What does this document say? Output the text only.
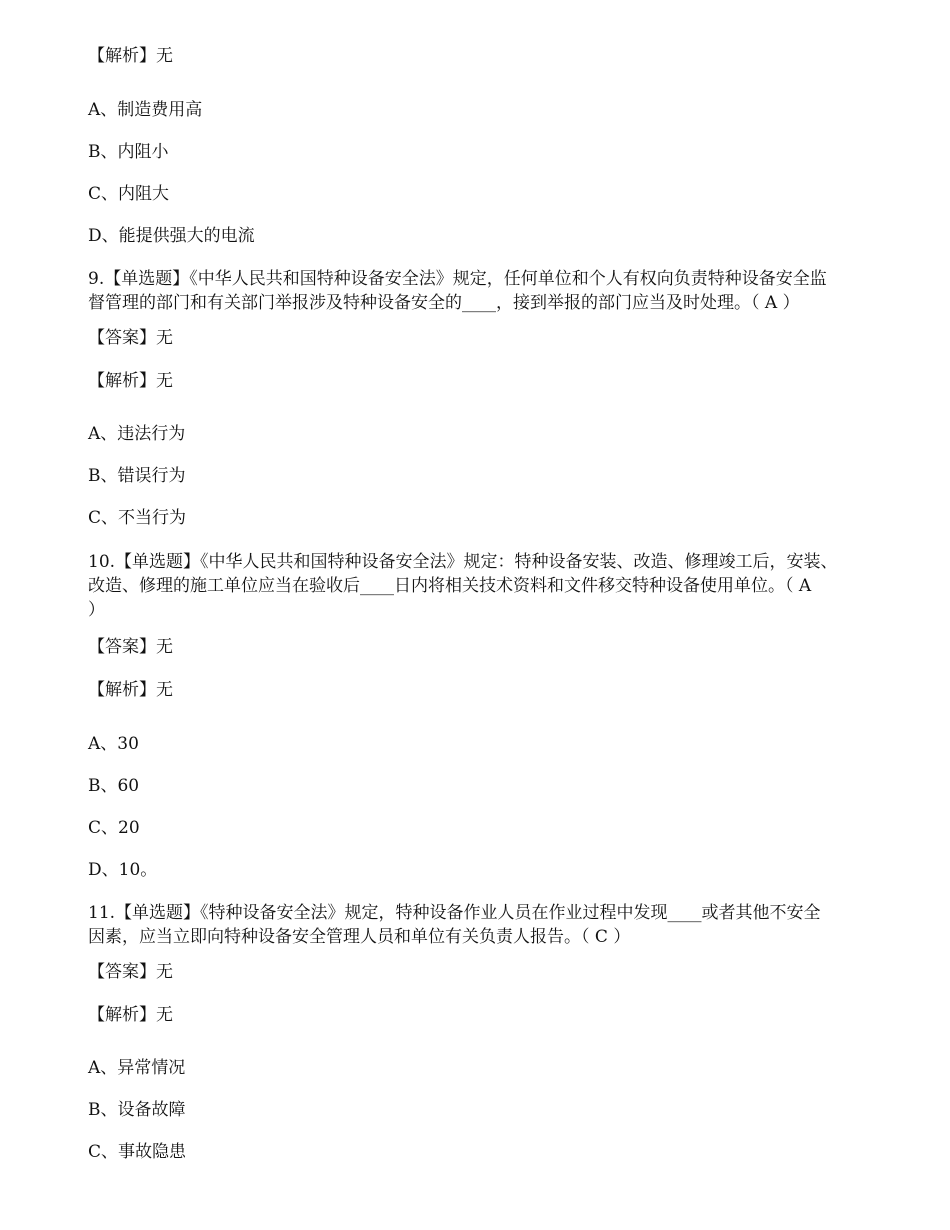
【解析】无
A、制造费用高
B、内阻小
C、内阻大
D、能提供强大的电流
9.【单选题】《中华人民共和国特种设备安全法》规定，任何单位和个人有权向负责特种设备安全监
督管理的部门和有关部门举报涉及特种设备安全的____，接到举报的部门应当及时处理。（ A ）
【答案】无
【解析】无
A、违法行为
B、错误行为
C、不当行为
10.【单选题】《中华人民共和国特种设备安全法》规定：特种设备安装、改造、修理竣工后，安装、
改造、修理的施工单位应当在验收后____日内将相关技术资料和文件移交特种设备使用单位。（ A
）
【答案】无
【解析】无
A、30
B、60
C、20
D、10。
11.【单选题】《特种设备安全法》规定，特种设备作业人员在作业过程中发现____或者其他不安全
因素，应当立即向特种设备安全管理人员和单位有关负责人报告。（ C ）
【答案】无
【解析】无
A、异常情况
B、设备故障
C、事故隐患
